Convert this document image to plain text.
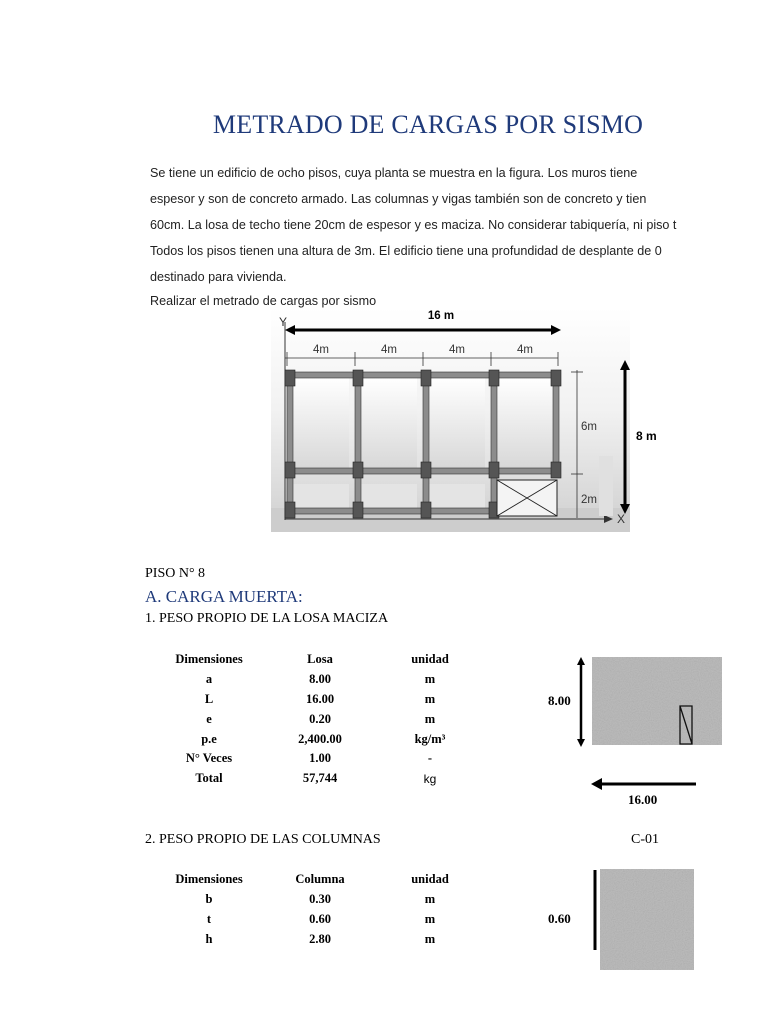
METRADO DE CARGAS POR SISMO

Se tiene un edificio de ocho pisos, cuya planta se muestra en la figura. Los muros tiene

espesor y son de concreto armado. Las columnas y vigas también son de concreto y tien

60cm. La losa de techo tiene 20cm de espesor y es maciza. No considerar tabiquería, ni piso t

Todos los pisos tienen una altura de 3m. El edificio tiene una profundidad de desplante de 0

destinado para vivienda.

Realizar el metrado de cargas por sismo

Y	16 m
4m	4m	4m	4m
X
6m
2m
8 m
PISO N° 8
A. CARGA MUERTA:
1. PESO PROPIO DE LA LOSA MACIZA
Dimensiones	Losa	unidad
a	8.00	m
L	16.00	m
e	0.20	m
p.e	2,400.00	kg/m³
N° Veces	1.00	-
Total	57,744	kg
8.00
16.00
2. PESO PROPIO DE LAS COLUMNAS	C-01
Dimensiones	Columna	unidad
b	0.30	m
t	0.60	m
h	2.80	m
0.60
